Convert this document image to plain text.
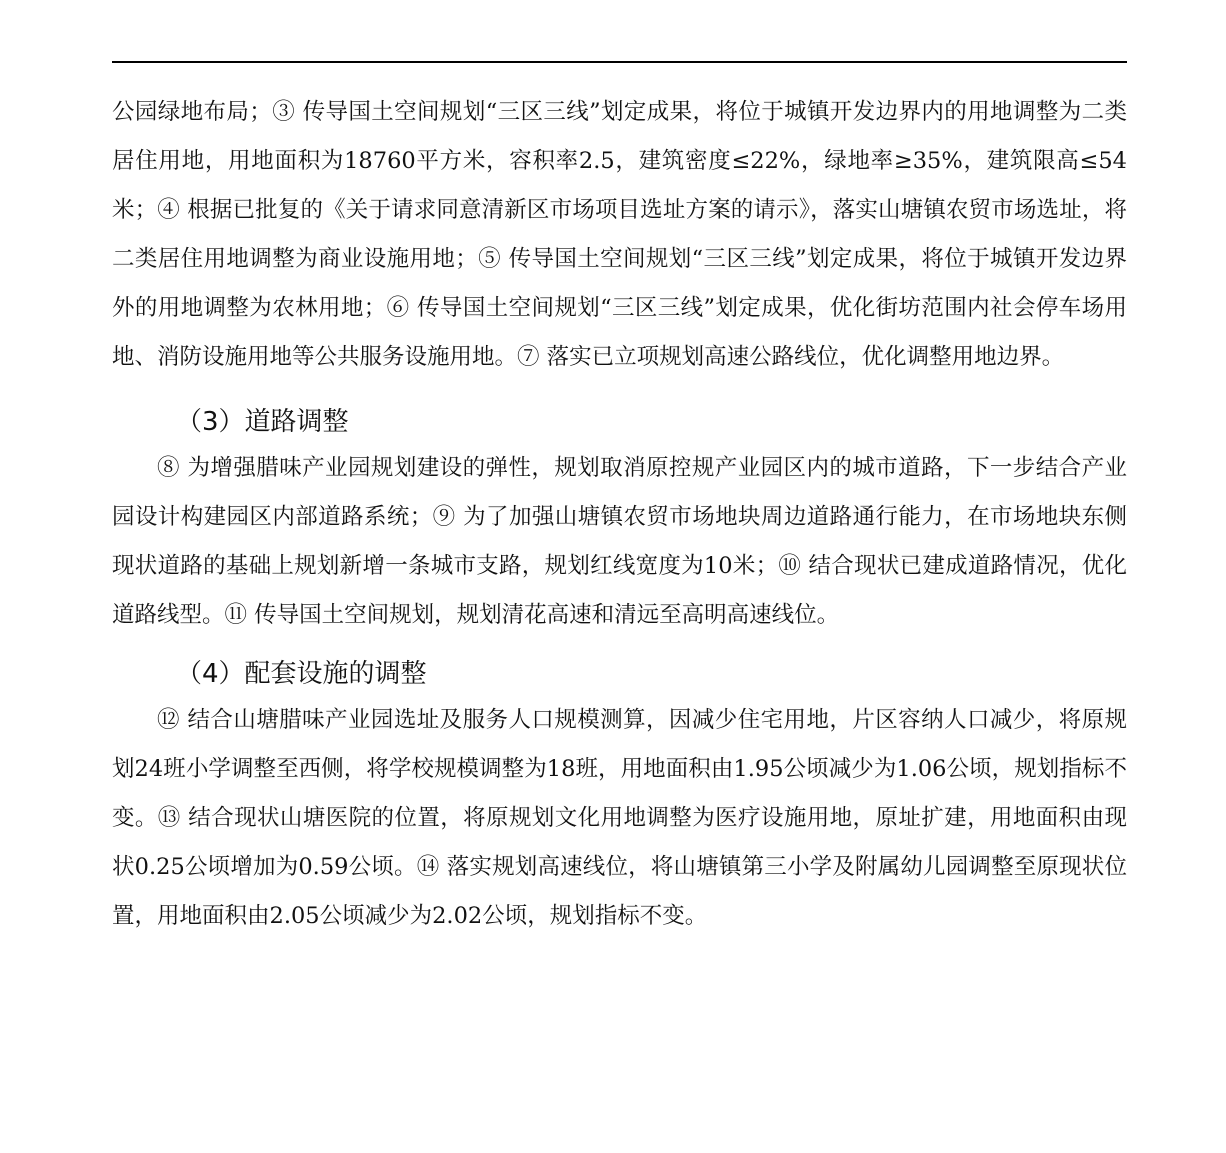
公园绿地布局；③ 传导国土空间规划“三区三线”划定成果，将位于城镇开发边界内的用地调整为二类居住用地，用地面积为18760平方米，容积率2.5，建筑密度≤22%，绿地率≥35%，建筑限高≤54米；④ 根据已批复的《关于请求同意清新区市场项目选址方案的请示》，落实山塘镇农贸市场选址，将二类居住用地调整为商业设施用地；⑤ 传导国土空间规划“三区三线”划定成果，将位于城镇开发边界外的用地调整为农林用地；⑥ 传导国土空间规划“三区三线”划定成果，优化街坊范围内社会停车场用地、消防设施用地等公共服务设施用地。⑦ 落实已立项规划高速公路线位，优化调整用地边界。

（3）道路调整

⑧ 为增强腊味产业园规划建设的弹性，规划取消原控规产业园区内的城市道路，下一步结合产业园设计构建园区内部道路系统；⑨ 为了加强山塘镇农贸市场地块周边道路通行能力，在市场地块东侧现状道路的基础上规划新增一条城市支路，规划红线宽度为10米；⑩ 结合现状已建成道路情况，优化道路线型。⑪ 传导国土空间规划，规划清花高速和清远至高明高速线位。

（4）配套设施的调整

⑫ 结合山塘腊味产业园选址及服务人口规模测算，因减少住宅用地，片区容纳人口减少，将原规划24班小学调整至西侧，将学校规模调整为18班，用地面积由1.95公顷减少为1.06公顷，规划指标不变。⑬ 结合现状山塘医院的位置，将原规划文化用地调整为医疗设施用地，原址扩建，用地面积由现状0.25公顷增加为0.59公顷。⑭ 落实规划高速线位，将山塘镇第三小学及附属幼儿园调整至原现状位置，用地面积由2.05公顷减少为2.02公顷，规划指标不变。
